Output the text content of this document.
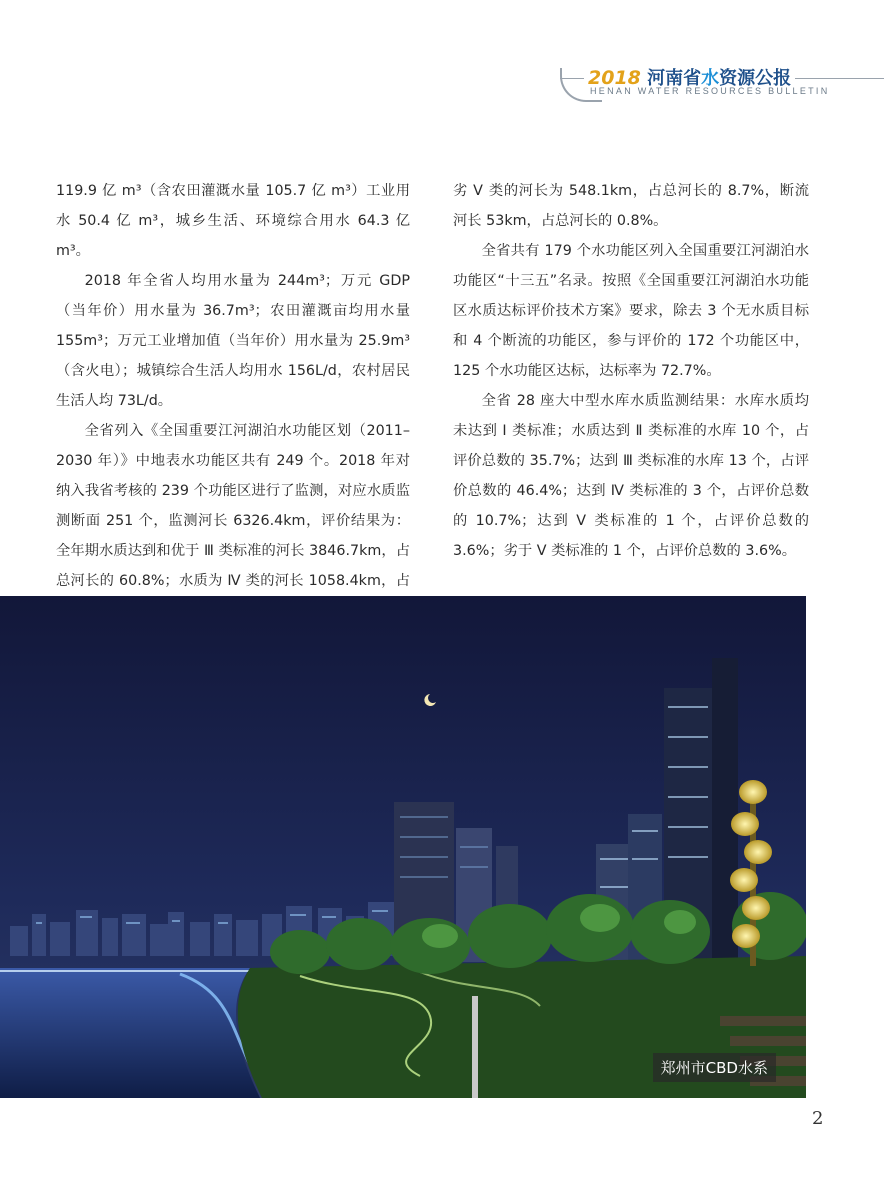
2018 河南省水资源公报
HENAN WATER RESOURCES BULLETIN

119.9 亿 m³（含农田灌溉水量 105.7 亿 m³）工业用水 50.4 亿 m³，城乡生活、环境综合用水 64.3 亿 m³。

2018 年全省人均用水量为 244m³；万元 GDP（当年价）用水量为 36.7m³；农田灌溉亩均用水量 155m³；万元工业增加值（当年价）用水量为 25.9m³（含火电）；城镇综合生活人均用水 156L/d，农村居民生活人均 73L/d。

全省列入《全国重要江河湖泊水功能区划（2011–2030 年）》中地表水功能区共有 249 个。2018 年对纳入我省考核的 239 个功能区进行了监测，对应水质监测断面 251 个，监测河长 6326.4km，评价结果为：全年期水质达到和优于 Ⅲ 类标准的河长 3846.7km，占总河长的 60.8%；水质为 Ⅳ 类的河长 1058.4km，占

劣 Ⅴ 类的河长为 548.1km，占总河长的 8.7%，断流河长 53km，占总河长的 0.8%。

全省共有 179 个水功能区列入全国重要江河湖泊水功能区“十三五”名录。按照《全国重要江河湖泊水功能区水质达标评价技术方案》要求，除去 3 个无水质目标和 4 个断流的功能区，参与评价的 172 个功能区中，125 个水功能区达标，达标率为 72.7%。

全省 28 座大中型水库水质监测结果：水库水质均未达到 Ⅰ 类标准；水质达到 Ⅱ 类标准的水库 10 个，占评价总数的 35.7%；达到 Ⅲ 类标准的水库 13 个，占评价总数的 46.4%；达到 Ⅳ 类标准的 3 个，占评价总数的 10.7%；达到 Ⅴ 类标准的 1 个，占评价总数的 3.6%；劣于 Ⅴ 类标准的 1 个，占评价总数的 3.6%。

郑州市CBD水系
2
